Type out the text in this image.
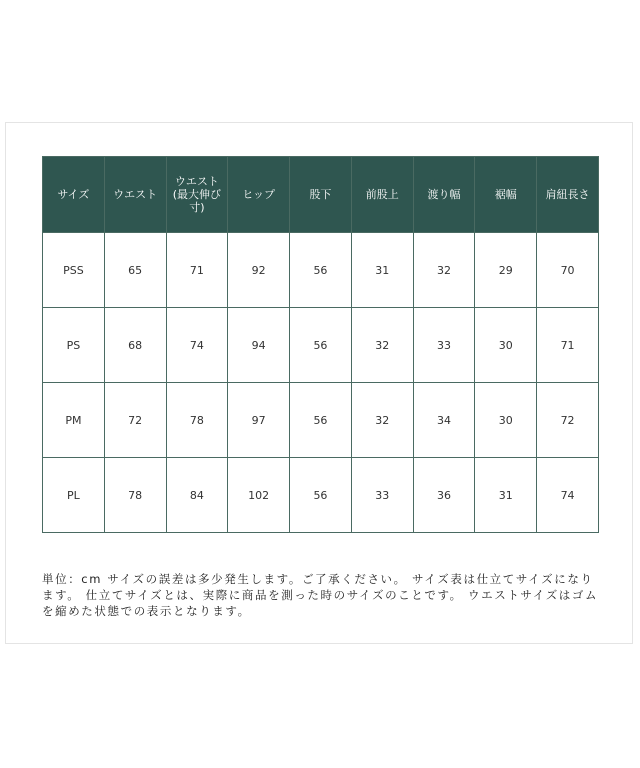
サイズ	ウエスト	ウエスト(最大伸び寸)	ヒップ	股下	前股上	渡り幅	裾幅	肩紐長さ
PSS	65	71	92	56	31	32	29	70
PS	68	74	94	56	32	33	30	71
PM	72	78	97	56	32	34	30	72
PL	78	84	102	56	33	36	31	74

単位：cm サイズの誤差は多少発生します。ご了承ください。 サイズ表は仕立てサイズになります。 仕立てサイズとは、実際に商品を測った時のサイズのことです。 ウエストサイズはゴムを縮めた状態での表示となります。
